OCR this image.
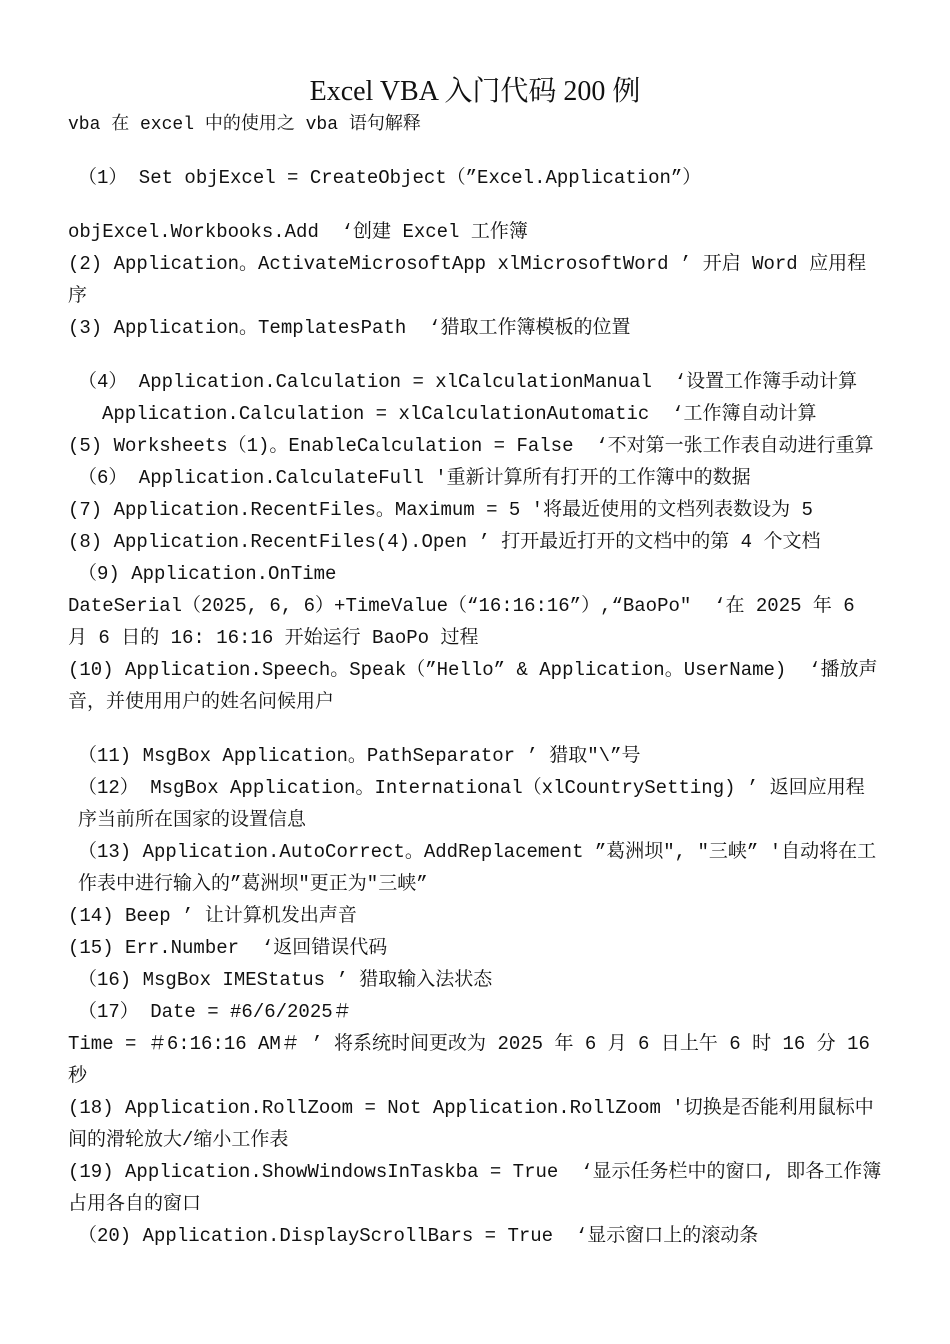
Excel VBA 入门代码 200 例
vba 在 excel 中的使用之 vba 语句解释
（1） Set objExcel = CreateObject（”Excel.Application”）
objExcel.Workbooks.Add  ‘创建 Excel 工作簿
(2) Application。ActivateMicrosoftApp xlMicrosoftWord ’ 开启 Word 应用程序
(3) Application。TemplatesPath  ‘猎取工作簿模板的位置
（4） Application.Calculation = xlCalculationManual  ‘设置工作簿手动计算
Application.Calculation = xlCalculationAutomatic  ‘工作簿自动计算
(5) Worksheets（1)。EnableCalculation = False  ‘不对第一张工作表自动进行重算
（6） Application.CalculateFull '重新计算所有打开的工作簿中的数据
(7) Application.RecentFiles。Maximum = 5 '将最近使用的文档列表数设为 5
(8) Application.RecentFiles(4).Open ’ 打开最近打开的文档中的第 4 个文档
（9) Application.OnTime
DateSerial（2025, 6, 6）+TimeValue（“16:16:16”）,“BaoPo"  ‘在 2025 年 6 月 6 日的 16: 16:16 开始运行 BaoPo 过程
(10) Application.Speech。Speak（”Hello” & Application。UserName)  ‘播放声音，并使用用户的姓名问候用户
（11) MsgBox Application。PathSeparator ’ 猎取"\”号
（12） MsgBox Application。International（xlCountrySetting) ’ 返回应用程序当前所在国家的设置信息
（13) Application.AutoCorrect。AddReplacement ”葛洲坝", "三峡” '自动将在工作表中进行输入的”葛洲坝"更正为"三峡”
(14) Beep ’ 让计算机发出声音
(15) Err.Number  ‘返回错误代码
（16) MsgBox IMEStatus ’ 猎取输入法状态
（17） Date = #6/6/2025＃
Time = ＃6:16:16 AM＃ ’ 将系统时间更改为 2025 年 6 月 6 日上午 6 时 16 分 16 秒
(18) Application.RollZoom = Not Application.RollZoom '切换是否能利用鼠标中间的滑轮放大/缩小工作表
(19) Application.ShowWindowsInTaskba = True  ‘显示任务栏中的窗口, 即各工作簿占用各自的窗口
（20) Application.DisplayScrollBars = True  ‘显示窗口上的滚动条
